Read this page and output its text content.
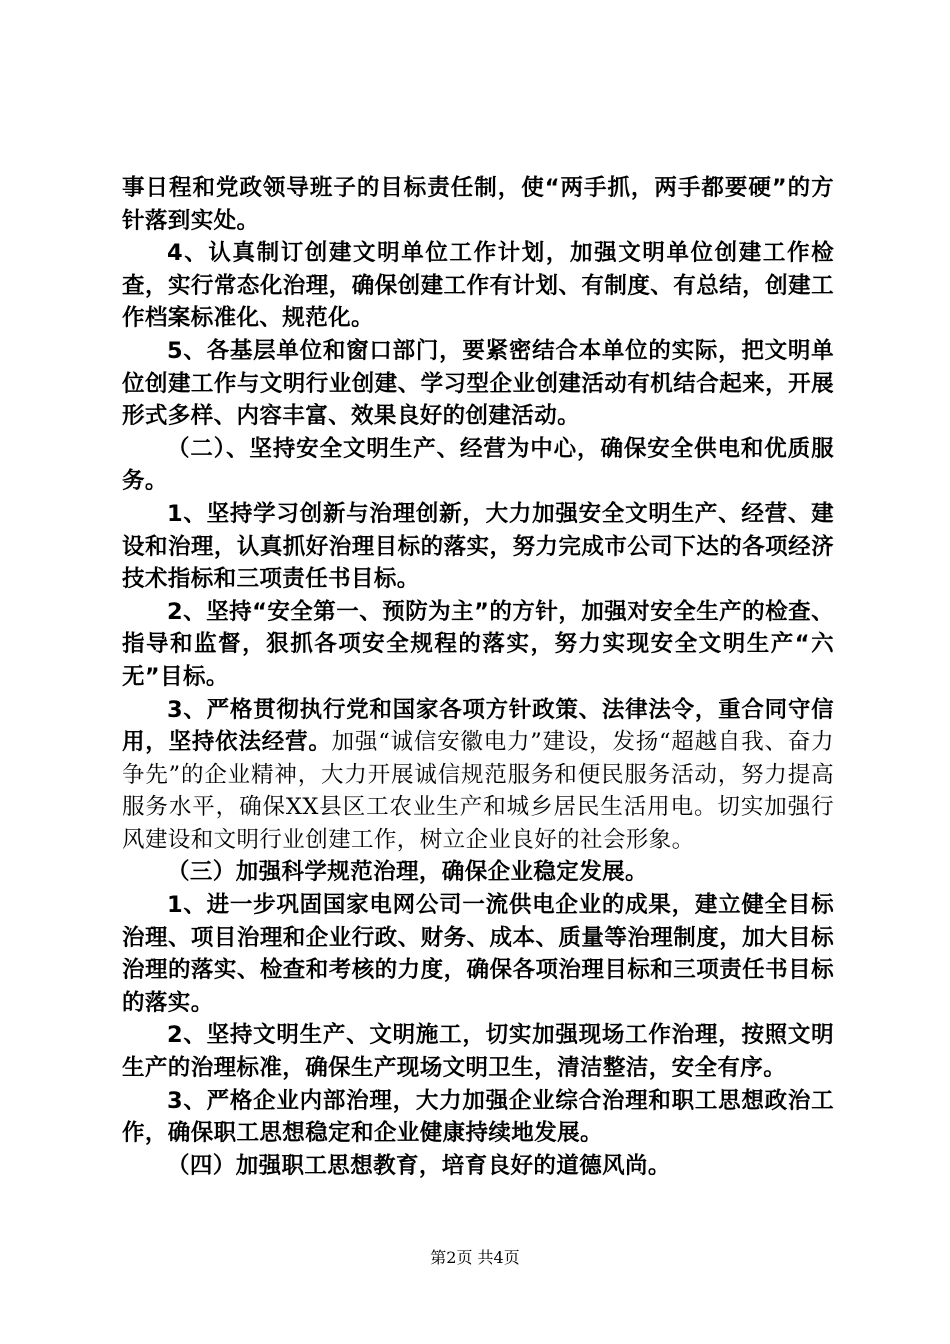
事日程和党政领导班子的目标责任制，使“两手抓，两手都要硬”的方针落到实处。

4、认真制订创建文明单位工作计划，加强文明单位创建工作检查，实行常态化治理，确保创建工作有计划、有制度、有总结，创建工作档案标准化、规范化。

5、各基层单位和窗口部门，要紧密结合本单位的实际，把文明单位创建工作与文明行业创建、学习型企业创建活动有机结合起来，开展形式多样、内容丰富、效果良好的创建活动。

（二）、坚持安全文明生产、经营为中心，确保安全供电和优质服务。

1、坚持学习创新与治理创新，大力加强安全文明生产、经营、建设和治理，认真抓好治理目标的落实，努力完成市公司下达的各项经济技术指标和三项责任书目标。

2、坚持“安全第一、预防为主”的方针，加强对安全生产的检查、指导和监督，狠抓各项安全规程的落实，努力实现安全文明生产“六无”目标。

3、严格贯彻执行党和国家各项方针政策、法律法令，重合同守信用，坚持依法经营。加强“诚信安徽电力”建设，发扬“超越自我、奋力争先”的企业精神，大力开展诚信规范服务和便民服务活动，努力提高服务水平，确保XX县区工农业生产和城乡居民生活用电。切实加强行风建设和文明行业创建工作，树立企业良好的社会形象。

（三）加强科学规范治理，确保企业稳定发展。

1、进一步巩固国家电网公司一流供电企业的成果，建立健全目标治理、项目治理和企业行政、财务、成本、质量等治理制度，加大目标治理的落实、检查和考核的力度，确保各项治理目标和三项责任书目标的落实。

2、坚持文明生产、文明施工，切实加强现场工作治理，按照文明生产的治理标准，确保生产现场文明卫生，清洁整洁，安全有序。

3、严格企业内部治理，大力加强企业综合治理和职工思想政治工作，确保职工思想稳定和企业健康持续地发展。

（四）加强职工思想教育，培育良好的道德风尚。

第2页 共4页
